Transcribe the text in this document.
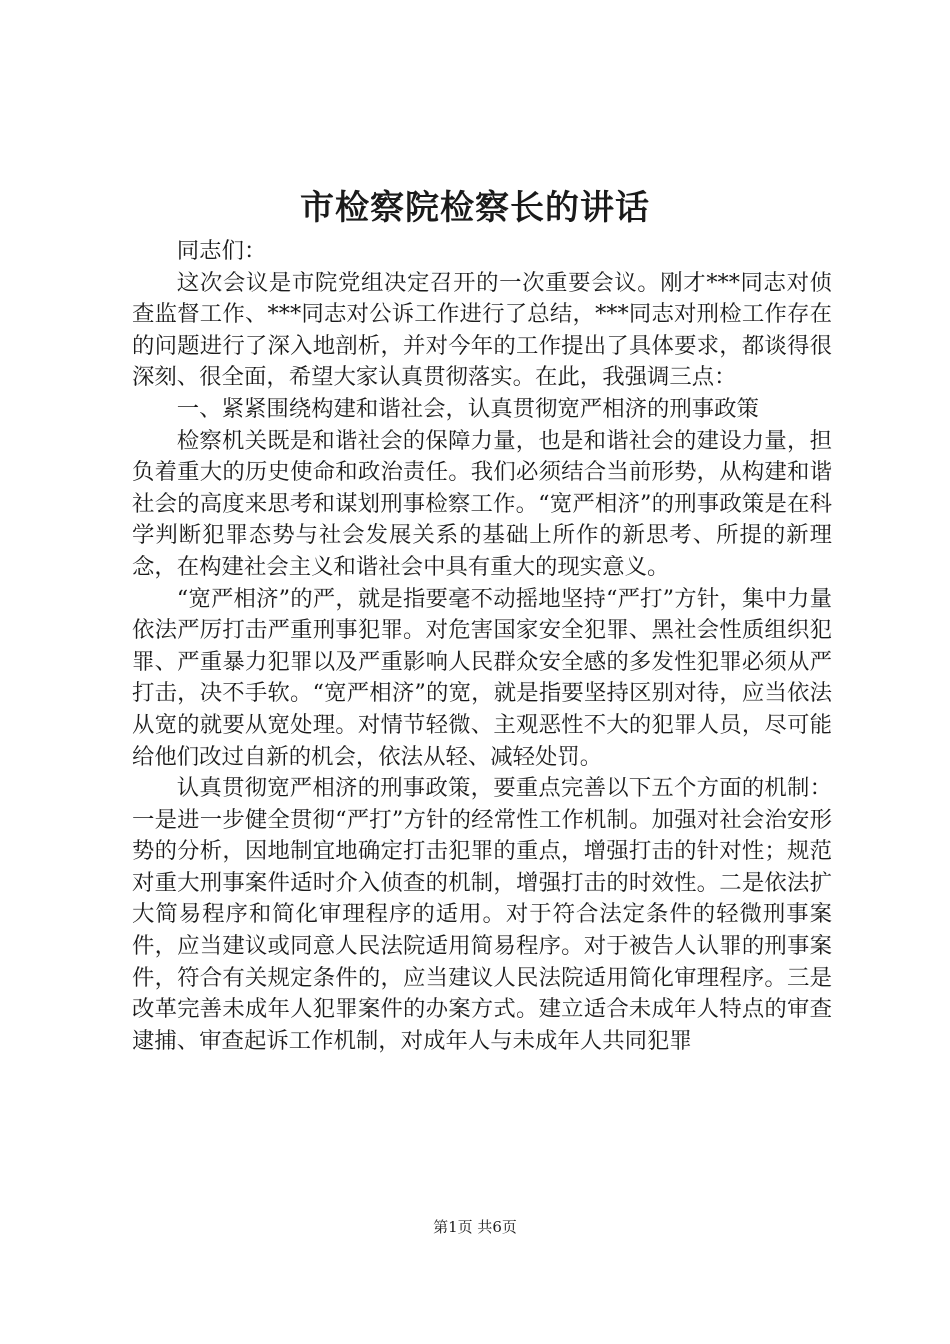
市检察院检察长的讲话

同志们：

这次会议是市院党组决定召开的一次重要会议。刚才***同志对侦查监督工作、***同志对公诉工作进行了总结，***同志对刑检工作存在的问题进行了深入地剖析，并对今年的工作提出了具体要求，都谈得很深刻、很全面，希望大家认真贯彻落实。在此，我强调三点：

一、紧紧围绕构建和谐社会，认真贯彻宽严相济的刑事政策

检察机关既是和谐社会的保障力量，也是和谐社会的建设力量，担负着重大的历史使命和政治责任。我们必须结合当前形势，从构建和谐社会的高度来思考和谋划刑事检察工作。“宽严相济”的刑事政策是在科学判断犯罪态势与社会发展关系的基础上所作的新思考、所提的新理念，在构建社会主义和谐社会中具有重大的现实意义。

“宽严相济”的严，就是指要毫不动摇地坚持“严打”方针，集中力量依法严厉打击严重刑事犯罪。对危害国家安全犯罪、黑社会性质组织犯罪、严重暴力犯罪以及严重影响人民群众安全感的多发性犯罪必须从严打击，决不手软。“宽严相济”的宽，就是指要坚持区别对待，应当依法从宽的就要从宽处理。对情节轻微、主观恶性不大的犯罪人员，尽可能给他们改过自新的机会，依法从轻、减轻处罚。

认真贯彻宽严相济的刑事政策，要重点完善以下五个方面的机制：一是进一步健全贯彻“严打”方针的经常性工作机制。加强对社会治安形势的分析，因地制宜地确定打击犯罪的重点，增强打击的针对性；规范对重大刑事案件适时介入侦查的机制，增强打击的时效性。二是依法扩大简易程序和简化审理程序的适用。对于符合法定条件的轻微刑事案件，应当建议或同意人民法院适用简易程序。对于被告人认罪的刑事案件，符合有关规定条件的，应当建议人民法院适用简化审理程序。三是改革完善未成年人犯罪案件的办案方式。建立适合未成年人特点的审查逮捕、审查起诉工作机制，对成年人与未成年人共同犯罪

第1页 共6页
